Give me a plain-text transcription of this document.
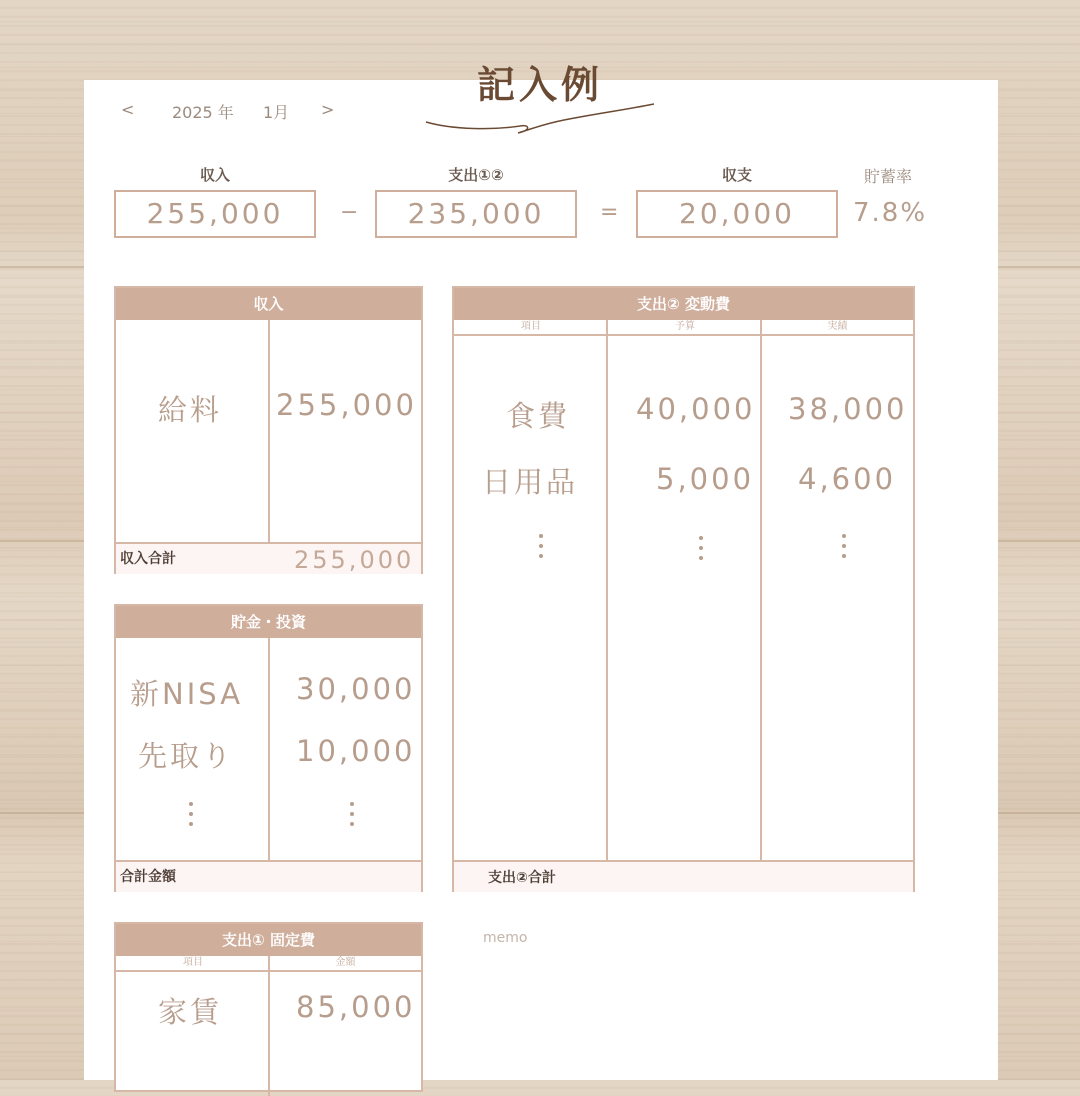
記入例
< 2025 年 1月 >
収入
255,000	−
支出①②
235,000	=
収支
20,000
貯蓄率
7.8%
収入
収入合計	255,000
給料 255,000
貯金・投資
合計金額
新NISA 30,000
先取り 10,000
支出② 変動費
項目	予算	実績
支出②合計
食費 40,000 38,000
日用品	5,000 4,600
支出① 固定費
項目	金額
家賃	85,000
memo
